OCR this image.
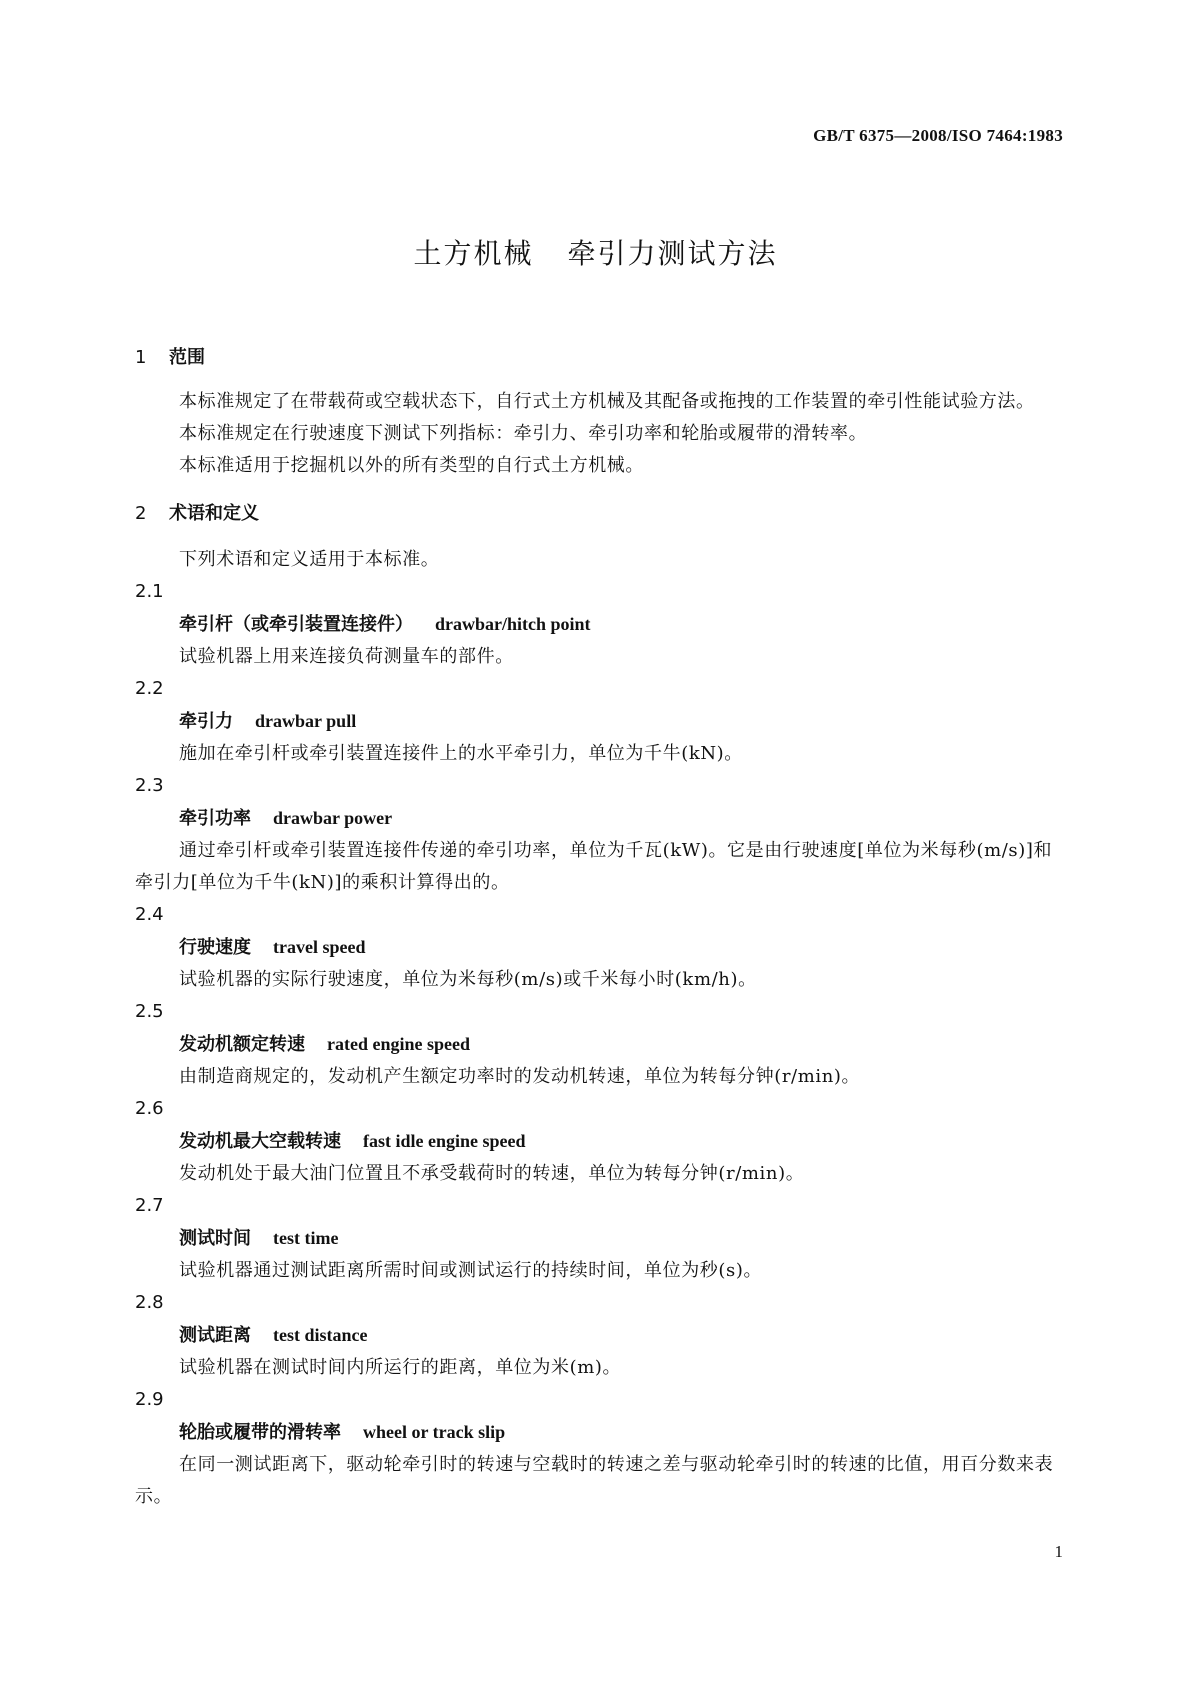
GB/T 6375—2008/ISO 7464:1983
土方机械 牵引力测试方法
1 范围
本标准规定了在带载荷或空载状态下，自行式土方机械及其配备或拖拽的工作装置的牵引性能试验方法。
本标准规定在行驶速度下测试下列指标：牵引力、牵引功率和轮胎或履带的滑转率。
本标准适用于挖掘机以外的所有类型的自行式土方机械。
2 术语和定义
下列术语和定义适用于本标准。
2.1
牵引杆（或牵引装置连接件） drawbar/hitch point
试验机器上用来连接负荷测量车的部件。
2.2
牵引力 drawbar pull
施加在牵引杆或牵引装置连接件上的水平牵引力，单位为千牛(kN)。
2.3
牵引功率 drawbar power
通过牵引杆或牵引装置连接件传递的牵引功率，单位为千瓦(kW)。它是由行驶速度[单位为米每秒(m/s)]和牵引力[单位为千牛(kN)]的乘积计算得出的。
2.4
行驶速度 travel speed
试验机器的实际行驶速度，单位为米每秒(m/s)或千米每小时(km/h)。
2.5
发动机额定转速 rated engine speed
由制造商规定的，发动机产生额定功率时的发动机转速，单位为转每分钟(r/min)。
2.6
发动机最大空载转速 fast idle engine speed
发动机处于最大油门位置且不承受载荷时的转速，单位为转每分钟(r/min)。
2.7
测试时间 test time
试验机器通过测试距离所需时间或测试运行的持续时间，单位为秒(s)。
2.8
测试距离 test distance
试验机器在测试时间内所运行的距离，单位为米(m)。
2.9
轮胎或履带的滑转率 wheel or track slip
在同一测试距离下，驱动轮牵引时的转速与空载时的转速之差与驱动轮牵引时的转速的比值，用百分数来表示。
1
